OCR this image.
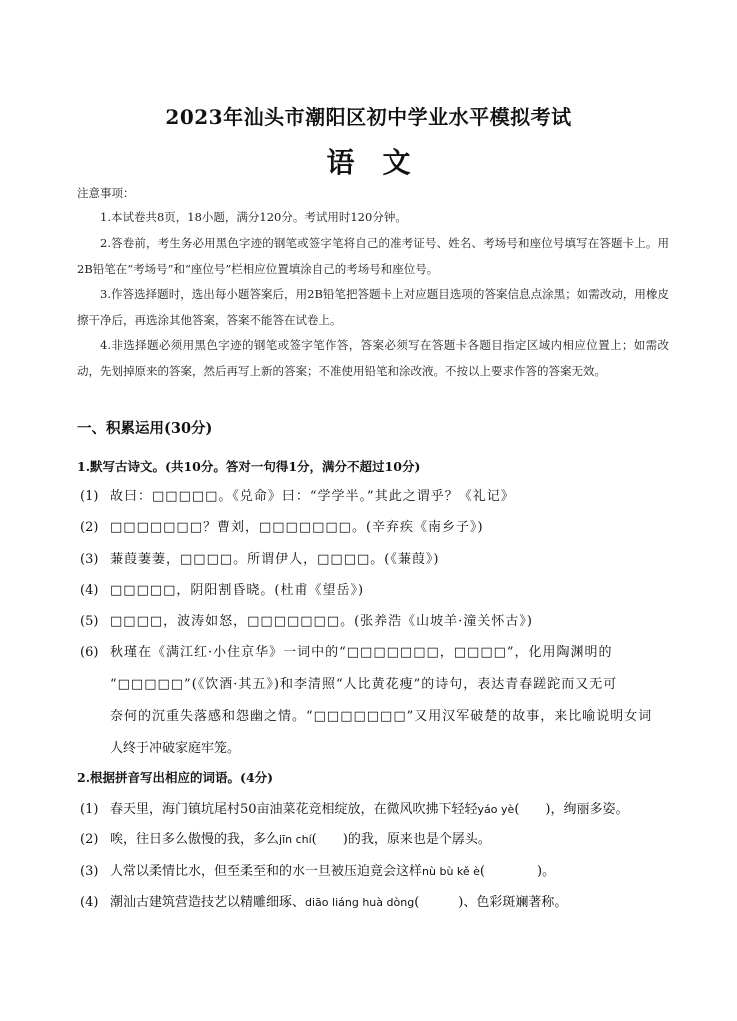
2023年汕头市潮阳区初中学业水平模拟考试
语文
注意事项：
1.本试卷共8页，18小题，满分120分。考试用时120分钟。
2.答卷前，考生务必用黑色字迹的钢笔或签字笔将自己的准考证号、姓名、考场号和座位号填写在答题卡上。用2B铅笔在“考场号”和“座位号”栏相应位置填涂自己的考场号和座位号。
3.作答选择题时，选出每小题答案后，用2B铅笔把答题卡上对应题目选项的答案信息点涂黑；如需改动，用橡皮擦干净后，再选涂其他答案，答案不能答在试卷上。
4.非选择题必须用黑色字迹的钢笔或签字笔作答，答案必须写在答题卡各题目指定区域内相应位置上；如需改动，先划掉原来的答案，然后再写上新的答案；不准使用铅笔和涂改液。不按以上要求作答的答案无效。
一、积累运用(30分)
1.默写古诗文。(共10分。答对一句得1分，满分不超过10分)
(1) 故曰：□□□□□。《兑命》曰：“学学半。”其此之谓乎？《礼记》
(2) □□□□□□□？曹刘，□□□□□□□。(辛弃疾《南乡子》)
(3) 蒹葭萋萋，□□□□。所谓伊人，□□□□。(《蒹葭》)
(4) □□□□□，阴阳割昏晓。(杜甫《望岳》)
(5) □□□□，波涛如怒，□□□□□□□。(张养浩《山坡羊·潼关怀古》)
(6) 秋瑾在《满江红·小住京华》一词中的“□□□□□□□，□□□□”，化用陶渊明的
“□□□□□”(《饮酒·其五》)和李清照“人比黄花瘦”的诗句，表达青春蹉跎而又无可
奈何的沉重失落感和怨幽之情。“□□□□□□□”又用汉军破楚的故事，来比喻说明女词
人终于冲破家庭牢笼。
2.根据拼音写出相应的词语。(4分)
(1) 春天里，海门镇坑尾村50亩油菜花竞相绽放，在微风吹拂下轻轻yáo yè(　　)，绚丽多姿。
(2) 唉，往日多么傲慢的我，多么jīn chí(　　)的我，原来也是个孱头。
(3) 人常以柔情比水，但至柔至和的水一旦被压迫竟会这样nù bù kě è(　　　　)。
(4) 潮汕古建筑营造技艺以精雕细琢、diāo liáng huà dòng(　　　)、色彩斑斓著称。
